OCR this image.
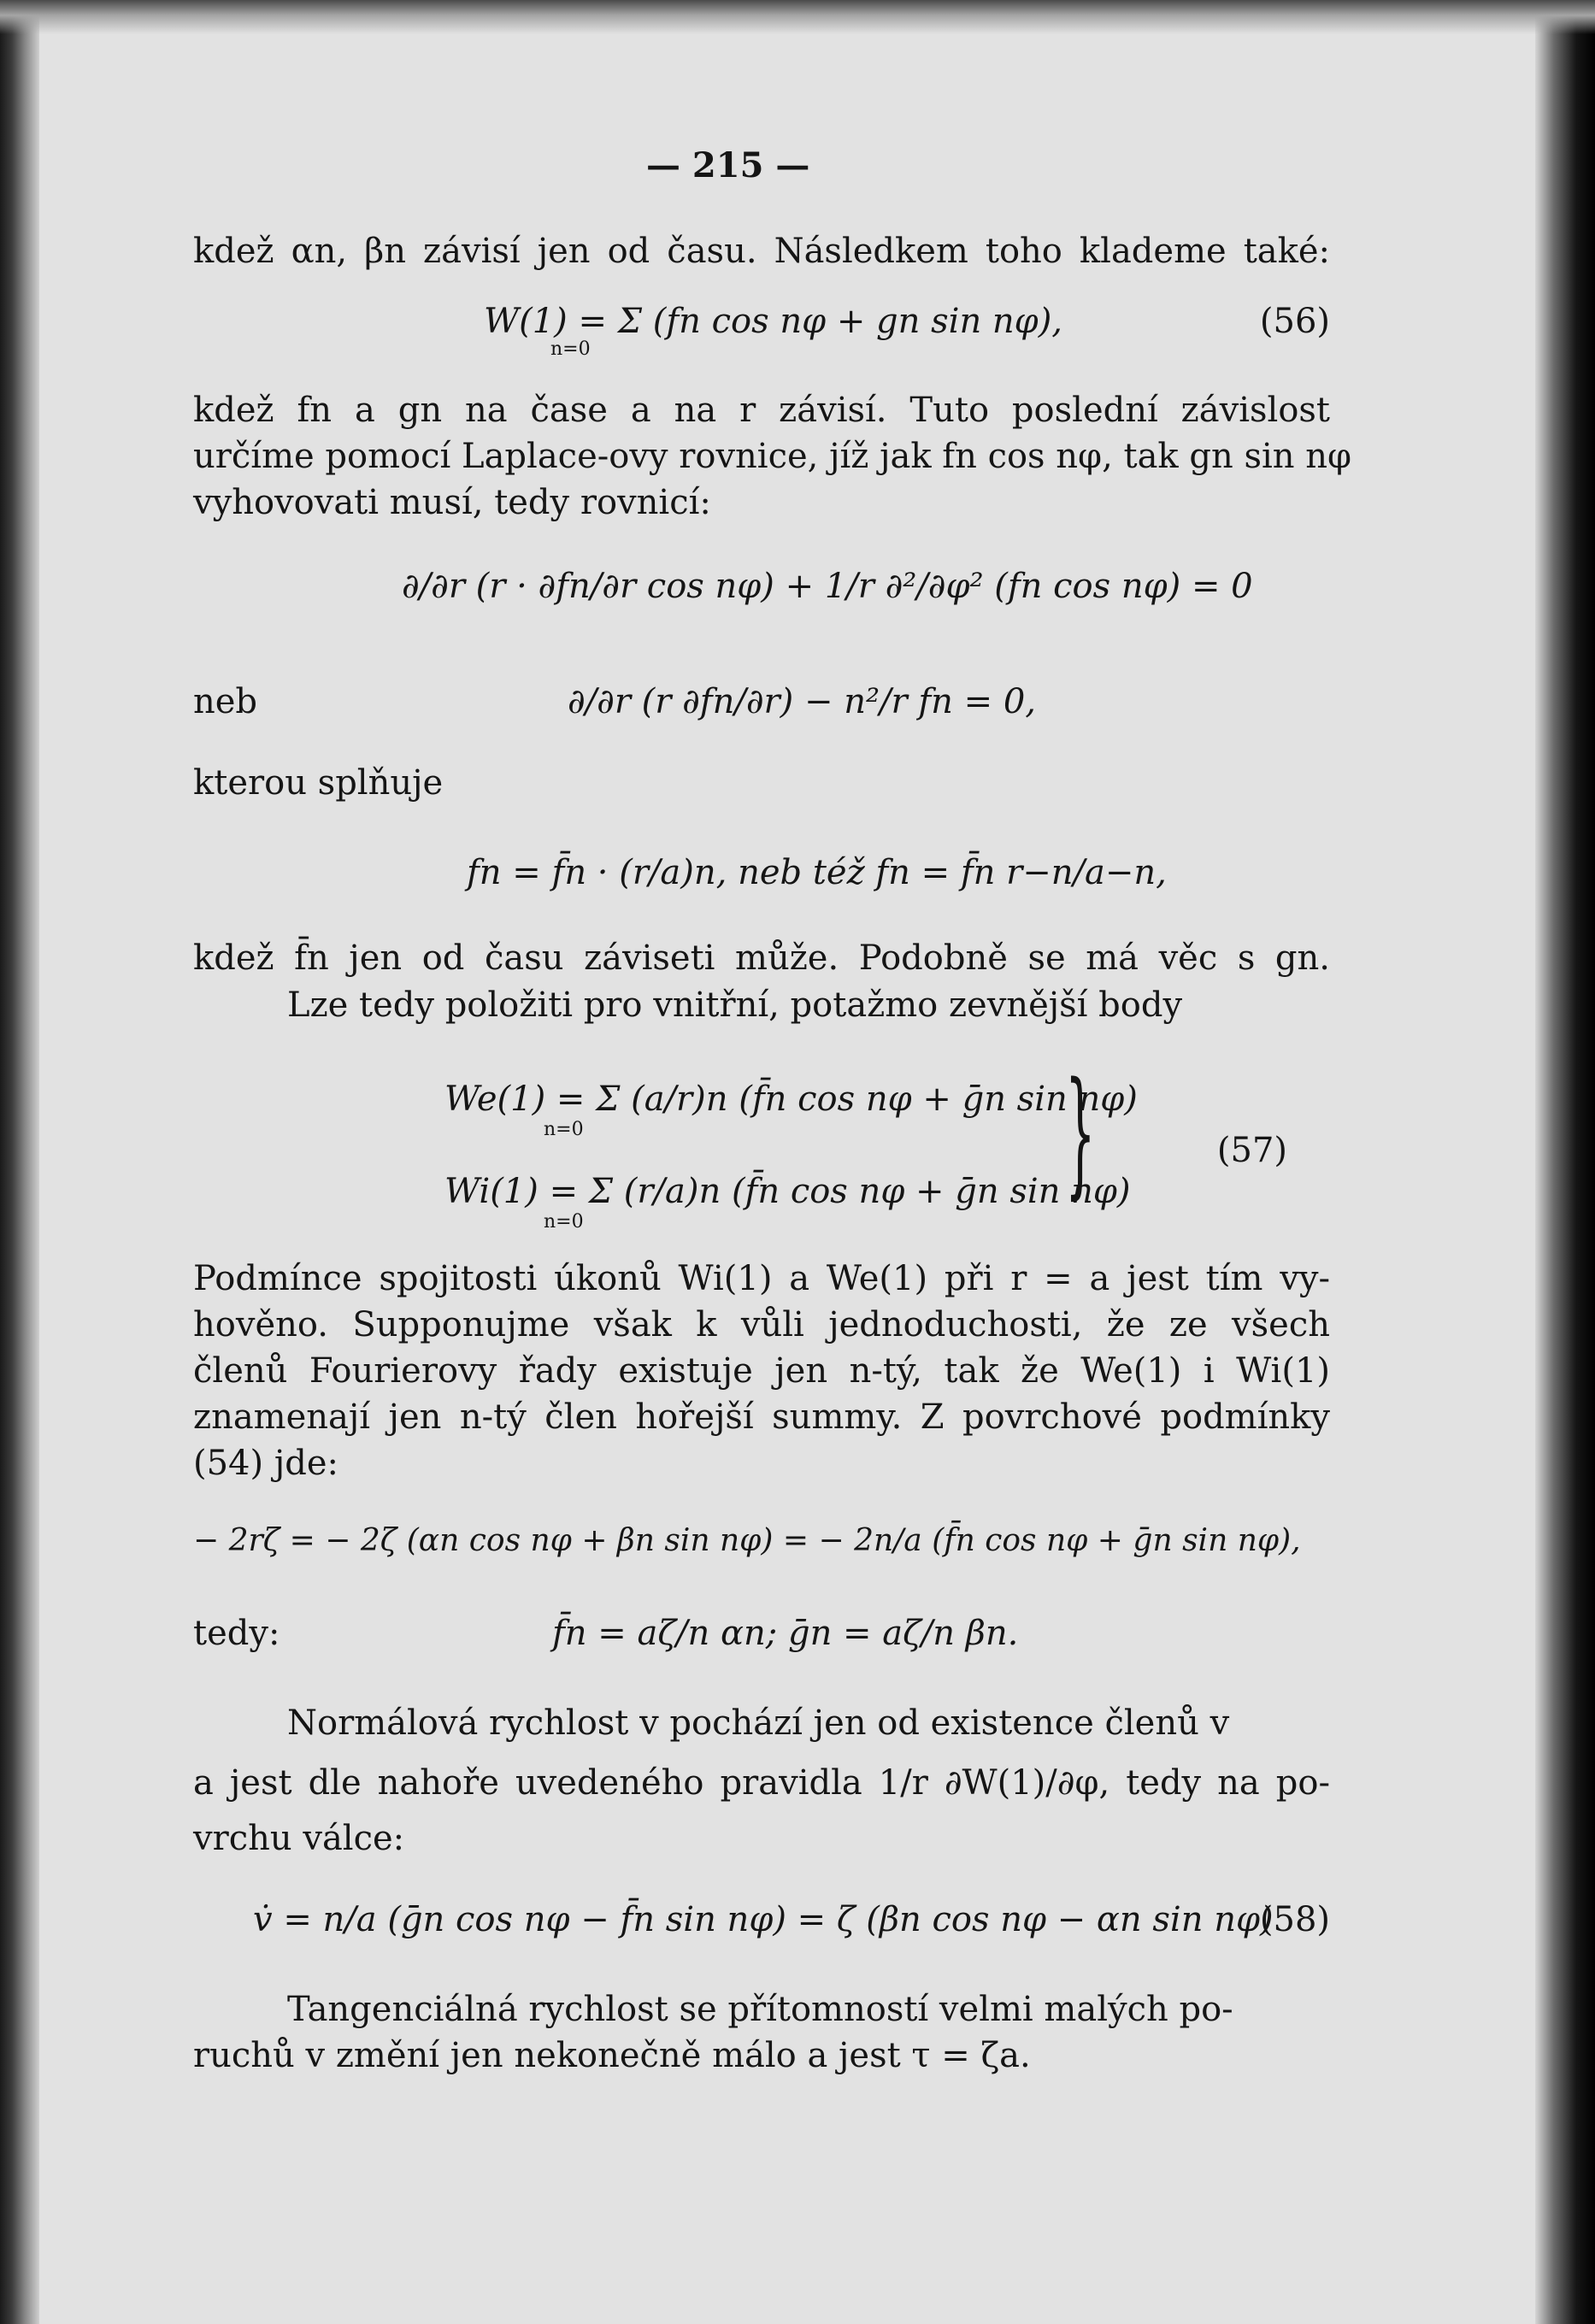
— 215 —
kdež αn, βn závisí jen od času. Následkem toho klademe také:
W(1) = Σ (fn cos nφ + gn sin nφ),
n=0
(56)
kdež fn a gn na čase a na r závisí. Tuto poslední závislost
určíme pomocí Laplace-ovy rovnice, jíž jak fn cos nφ, tak gn sin nφ
vyhovovati musí, tedy rovnicí:
∂/∂r (r · ∂fn/∂r cos nφ) + 1/r ∂²/∂φ² (fn cos nφ) = 0
neb	∂/∂r (r ∂fn/∂r) − n²/r fn = 0,
kterou splňuje
fn = f̄n · (r/a)n, neb též fn = f̄n r−n/a−n,
kdež f̄n jen od času záviseti může. Podobně se má věc s gn.
Lze tedy položiti pro vnitřní, potažmo zevnější body
We(1) = Σ (a/r)n (f̄n cos nφ + ḡn sin nφ)
n=0
Wi(1) = Σ (r/a)n (f̄n cos nφ + ḡn sin nφ)
n=0
}	(57)
Podmínce spojitosti úkonů Wi(1) a We(1) při r = a jest tím vy-
hověno. Supponujme však k vůli jednoduchosti, že ze všech
členů Fourierovy řady existuje jen n-tý, tak že We(1) i Wi(1)
znamenají jen n-tý člen hořejší summy. Z povrchové podmínky
(54) jde:
− 2rζ = − 2ζ (αn cos nφ + βn sin nφ) = − 2n/a (f̄n cos nφ + ḡn sin nφ),
tedy:	f̄n = aζ/n αn; ḡn = aζ/n βn.
Normálová rychlost v pochází jen od existence členů v
a jest dle nahoře uvedeného pravidla 1/r ∂W(1)/∂φ, tedy na po-
vrchu válce:
v̇ = n/a (ḡn cos nφ − f̄n sin nφ) = ζ (βn cos nφ − αn sin nφ)
(58)
Tangenciálná rychlost se přítomností velmi malých po-
ruchů v změní jen nekonečně málo a jest τ = ζa.
